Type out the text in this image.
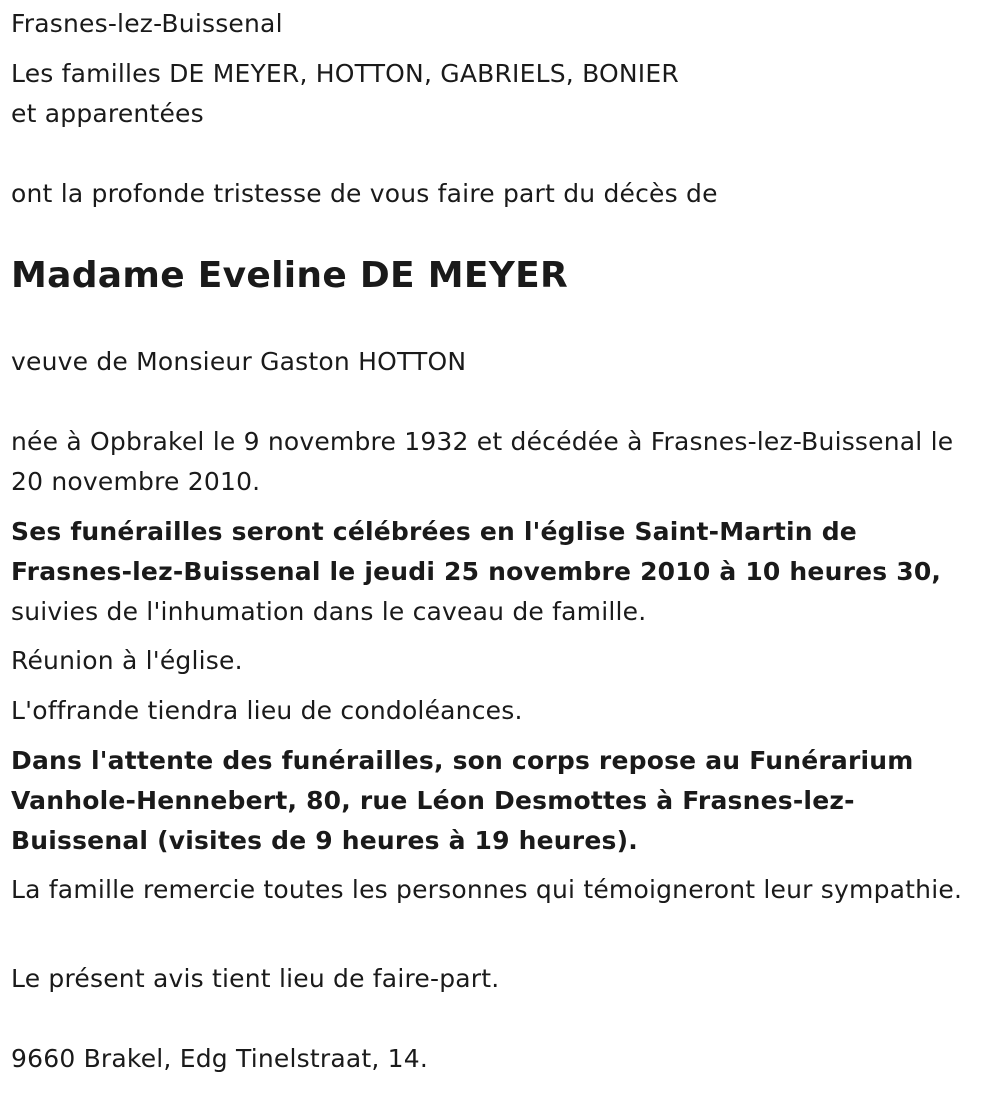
Frasnes-lez-Buissenal
Les familles DE MEYER, HOTTON, GABRIELS, BONIER
et apparentées
ont la profonde tristesse de vous faire part du décès de
Madame Eveline DE MEYER
veuve de Monsieur Gaston HOTTON
née à Opbrakel le 9 novembre 1932 et décédée à Frasnes-lez-Buissenal le 20 novembre 2010.
Ses funérailles seront célébrées en l'église Saint-Martin de Frasnes-lez-Buissenal le jeudi 25 novembre 2010 à 10 heures 30, suivies de l'inhumation dans le caveau de famille.
Réunion à l'église.
L'offrande tiendra lieu de condoléances.
Dans l'attente des funérailles, son corps repose au Funérarium Vanhole-Hennebert, 80, rue Léon Desmottes à Frasnes-lez-Buissenal (visites de 9 heures à 19 heures).
La famille remercie toutes les personnes qui témoigneront leur sympathie.
Le présent avis tient lieu de faire-part.
9660 Brakel, Edg Tinelstraat, 14.
